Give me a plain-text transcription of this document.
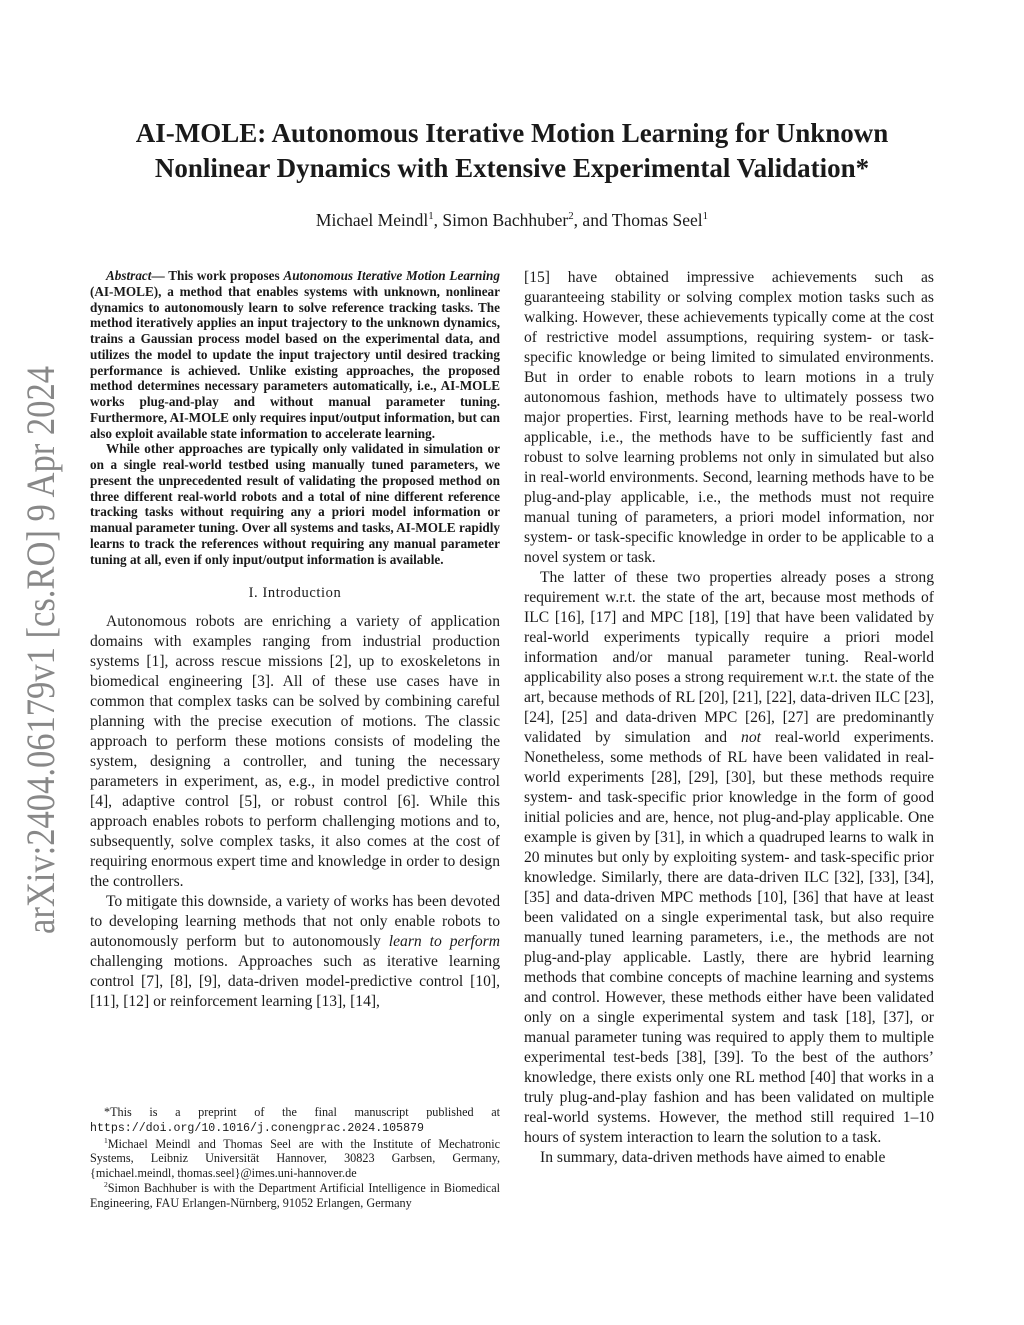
arXiv:2404.06179v1 [cs.RO] 9 Apr 2024
AI-MOLE: Autonomous Iterative Motion Learning for Unknown
Nonlinear Dynamics with Extensive Experimental Validation*
Michael Meindl$^1$, Simon Bachhuber$^2$, and Thomas Seel$^1$

Abstract— This work proposes Autonomous Iterative Motion Learning (AI-MOLE), a method that enables systems with unknown, nonlinear dynamics to autonomously learn to solve reference tracking tasks. The method iteratively applies an input trajectory to the unknown dynamics, trains a Gaussian process model based on the experimental data, and utilizes the model to update the input trajectory until desired tracking performance is achieved. Unlike existing approaches, the proposed method determines necessary parameters automatically, i.e., AI-MOLE works plug-and-play and without manual parameter tuning. Furthermore, AI-MOLE only requires input/output information, but can also exploit available state information to accelerate learning.

While other approaches are typically only validated in simulation or on a single real-world testbed using manually tuned parameters, we present the unprecedented result of validating the proposed method on three different real-world robots and a total of nine different reference tracking tasks without requiring any a priori model information or manual parameter tuning. Over all systems and tasks, AI-MOLE rapidly learns to track the references without requiring any manual parameter tuning at all, even if only input/output information is available.

I. Introduction

Autonomous robots are enriching a variety of application domains with examples ranging from industrial production systems [1], across rescue missions [2], up to exoskeletons in biomedical engineering [3]. All of these use cases have in common that complex tasks can be solved by combining careful planning with the precise execution of motions. The classic approach to perform these motions consists of modeling the system, designing a controller, and tuning the necessary parameters in experiment, as, e.g., in model predictive control [4], adaptive control [5], or robust control [6]. While this approach enables robots to perform challenging motions and to, subsequently, solve complex tasks, it also comes at the cost of requiring enormous expert time and knowledge in order to design the controllers.

To mitigate this downside, a variety of works has been devoted to developing learning methods that not only enable robots to autonomously perform but to autonomously learn to perform challenging motions. Approaches such as iterative learning control [7], [8], [9], data-driven model-predictive control [10], [11], [12] or reinforcement learning [13], [14],

*This is a preprint of the final manuscript published at https://doi.org/10.1016/j.conengprac.2024.105879

$^1$Michael Meindl and Thomas Seel are with the Institute of Mechatronic Systems, Leibniz Universität Hannover, 30823 Garbsen, Germany, {michael.meindl, thomas.seel}@imes.uni-hannover.de

$^2$Simon Bachhuber is with the Department Artificial Intelligence in Biomedical Engineering, FAU Erlangen-Nürnberg, 91052 Erlangen, Germany

[15] have obtained impressive achievements such as guaranteeing stability or solving complex motion tasks such as walking. However, these achievements typically come at the cost of restrictive model assumptions, requiring system- or task-specific knowledge or being limited to simulated environments. But in order to enable robots to learn motions in a truly autonomous fashion, methods have to ultimately possess two major properties. First, learning methods have to be real-world applicable, i.e., the methods have to be sufficiently fast and robust to solve learning problems not only in simulated but also in real-world environments. Second, learning methods have to be plug-and-play applicable, i.e., the methods must not require manual tuning of parameters, a priori model information, nor system- or task-specific knowledge in order to be applicable to a novel system or task.

The latter of these two properties already poses a strong requirement w.r.t. the state of the art, because most methods of ILC [16], [17] and MPC [18], [19] that have been validated by real-world experiments typically require a priori model information and/or manual parameter tuning. Real-world applicability also poses a strong requirement w.r.t. the state of the art, because methods of RL [20], [21], [22], data-driven ILC [23], [24], [25] and data-driven MPC [26], [27] are predominantly validated by simulation and not real-world experiments. Nonetheless, some methods of RL have been validated in real-world experiments [28], [29], [30], but these methods require system- and task-specific prior knowledge in the form of good initial policies and are, hence, not plug-and-play applicable. One example is given by [31], in which a quadruped learns to walk in 20 minutes but only by exploiting system- and task-specific prior knowledge. Similarly, there are data-driven ILC [32], [33], [34], [35] and data-driven MPC methods [10], [36] that have at least been validated on a single experimental task, but also require manually tuned learning parameters, i.e., the methods are not plug-and-play applicable. Lastly, there are hybrid learning methods that combine concepts of machine learning and systems and control. However, these methods either have been validated only on a single experimental system and task [18], [37], or manual parameter tuning was required to apply them to multiple experimental test-beds [38], [39]. To the best of the authors’ knowledge, there exists only one RL method [40] that works in a truly plug-and-play fashion and has been validated on multiple real-world systems. However, the method still required 1–10 hours of system interaction to learn the solution to a task.

In summary, data-driven methods have aimed to enable
